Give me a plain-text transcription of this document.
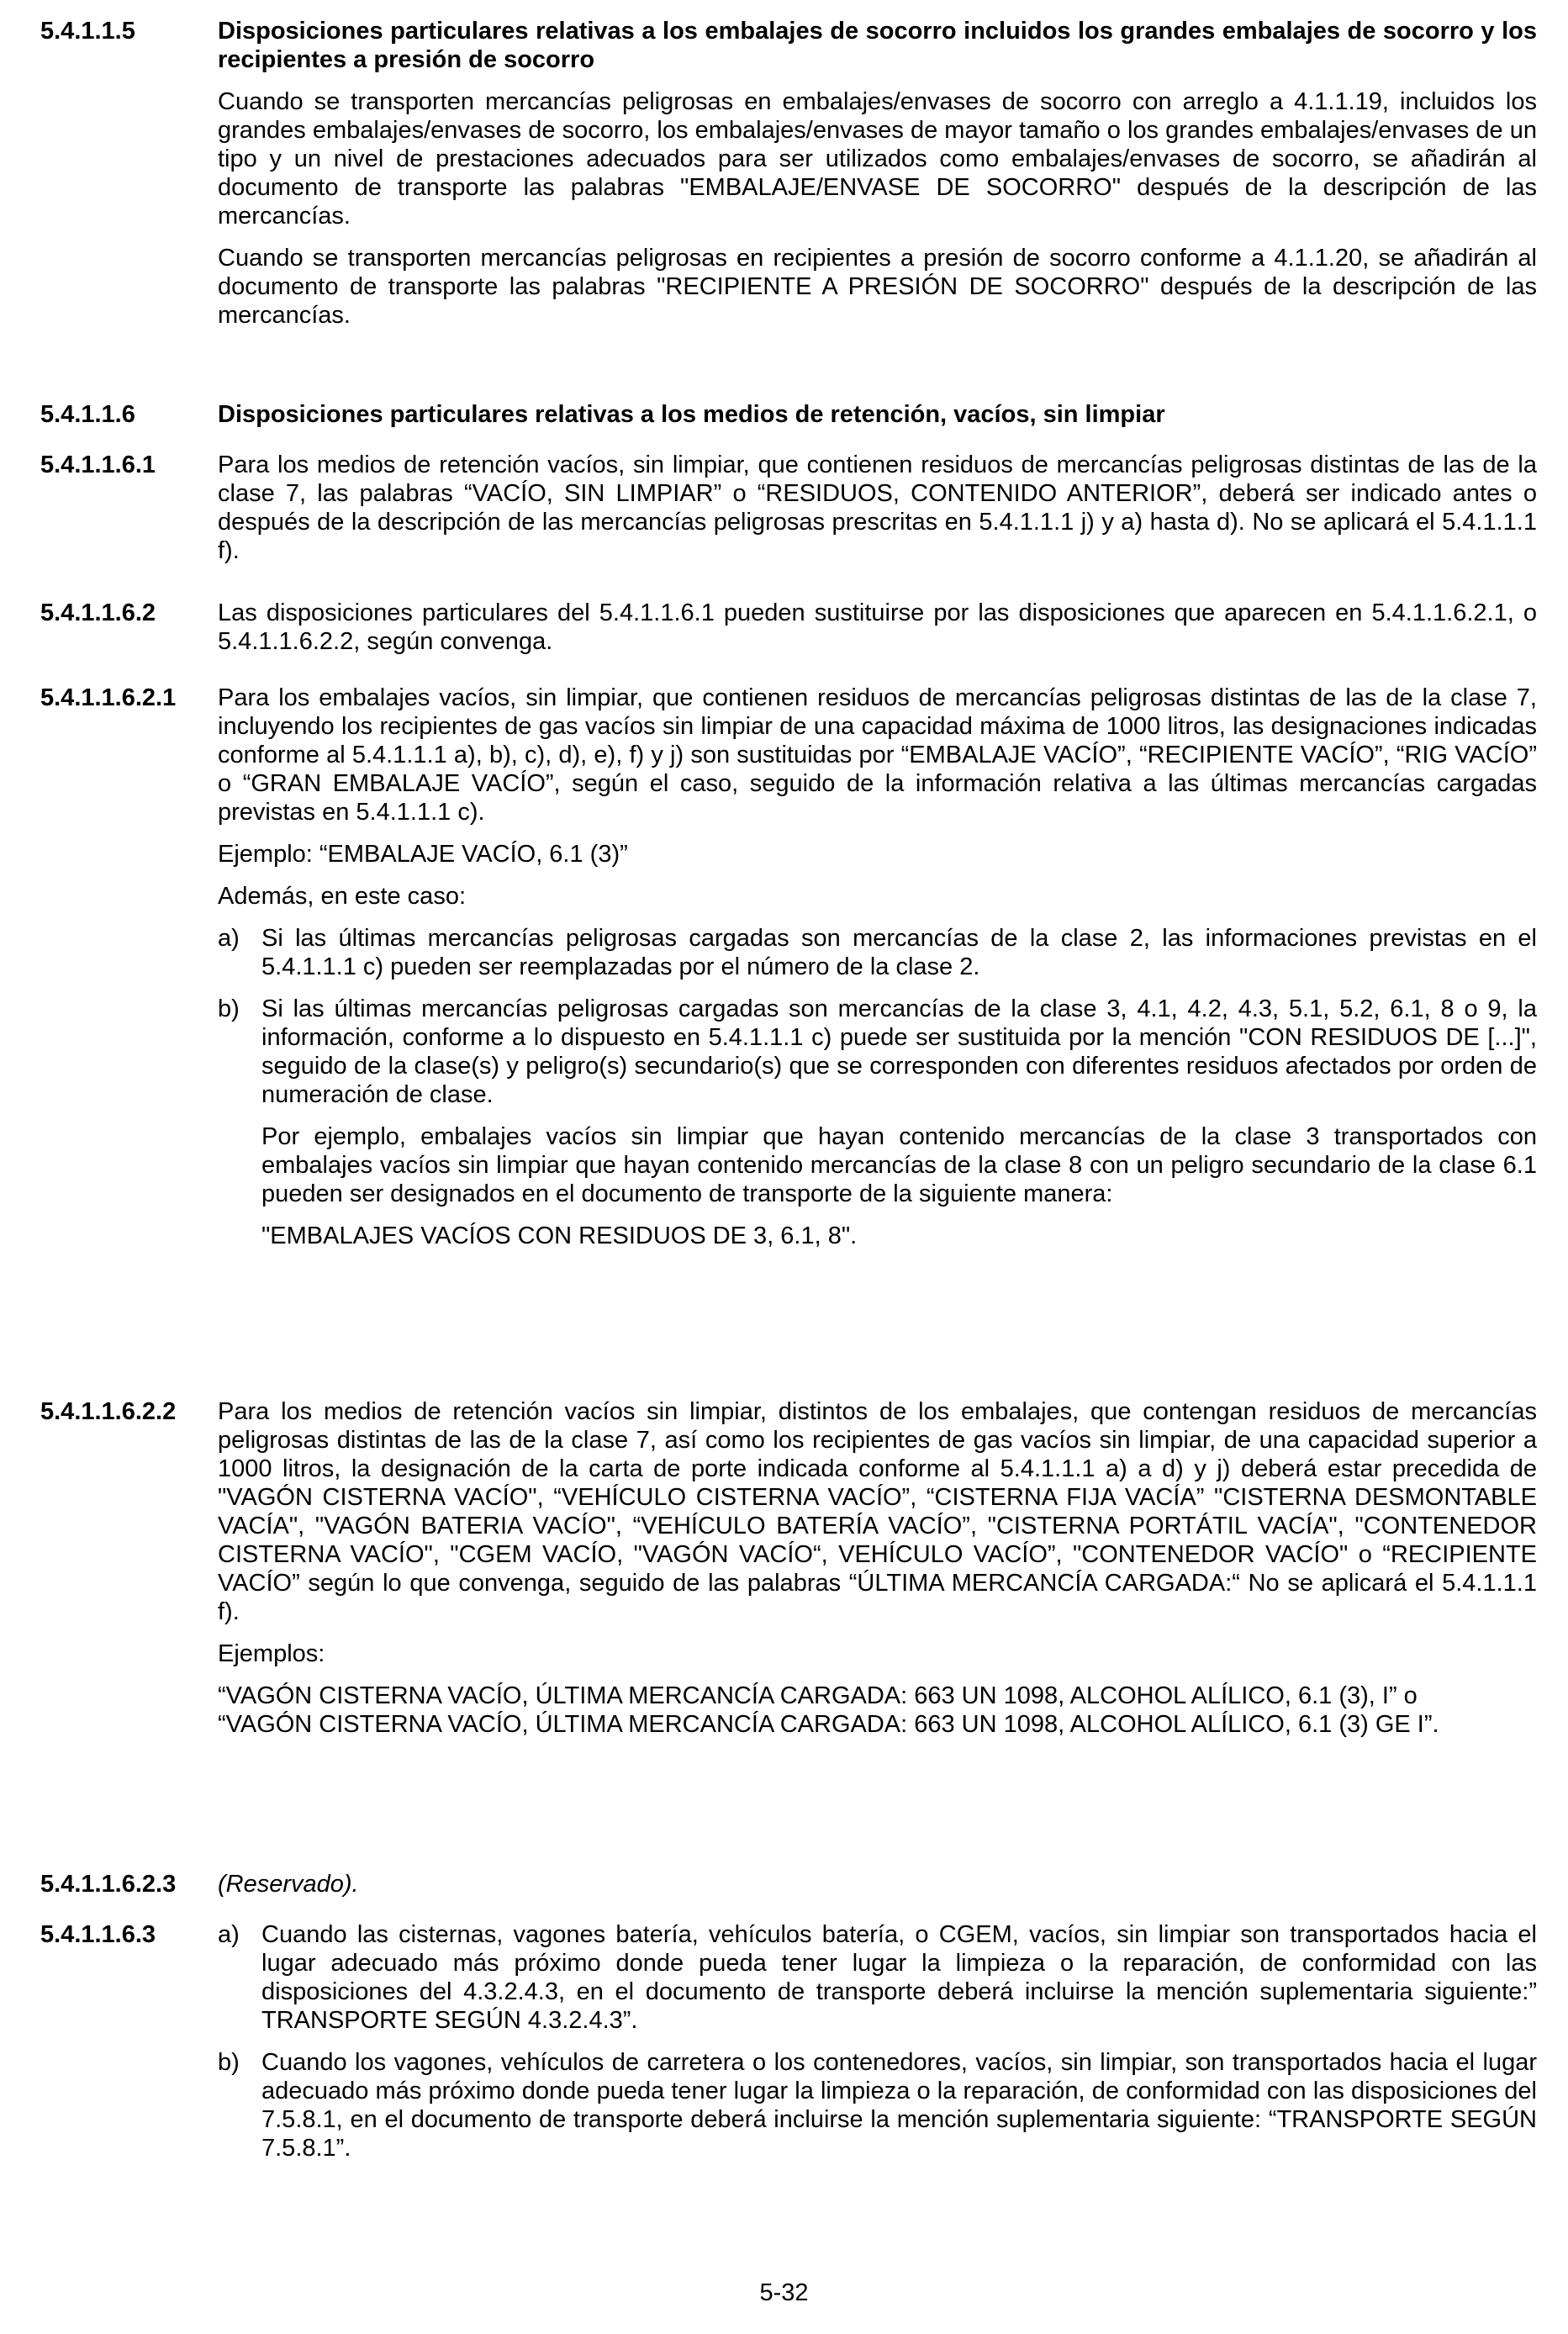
5.4.1.1.5	Disposiciones particulares relativas a los embalajes de socorro incluidos los grandes embalajes de socorro y los recipientes a presión de socorro

Cuando se transporten mercancías peligrosas en embalajes/envases de socorro con arreglo a 4.1.1.19, incluidos los grandes embalajes/envases de socorro, los embalajes/envases de mayor tamaño o los grandes embalajes/envases de un tipo y un nivel de prestaciones adecuados para ser utilizados como embalajes/envases de socorro, se añadirán al documento de transporte las palabras "EMBALAJE/ENVASE DE SOCORRO" después de la descripción de las mercancías.

Cuando se transporten mercancías peligrosas en recipientes a presión de socorro conforme a 4.1.1.20, se añadirán al documento de transporte las palabras "RECIPIENTE A PRESIÓN DE SOCORRO" después de la descripción de las mercancías.

5.4.1.1.6	Disposiciones particulares relativas a los medios de retención, vacíos, sin limpiar

5.4.1.1.6.1	Para los medios de retención vacíos, sin limpiar, que contienen residuos de mercancías peligrosas distintas de las de la clase 7, las palabras “VACÍO, SIN LIMPIAR” o “RESIDUOS, CONTENIDO ANTERIOR”, deberá ser indicado antes o después de la descripción de las mercancías peligrosas prescritas en 5.4.1.1.1 j) y a) hasta d). No se aplicará el 5.4.1.1.1 f).

5.4.1.1.6.2	Las disposiciones particulares del 5.4.1.1.6.1 pueden sustituirse por las disposiciones que aparecen en 5.4.1.1.6.2.1, o 5.4.1.1.6.2.2, según convenga.

5.4.1.1.6.2.1 Para los embalajes vacíos, sin limpiar, que contienen residuos de mercancías peligrosas distintas de las de la clase 7, incluyendo los recipientes de gas vacíos sin limpiar de una capacidad máxima de 1000 litros, las designaciones indicadas conforme al 5.4.1.1.1 a), b), c), d), e), f) y j) son sustituidas por “EMBALAJE VACÍO”, “RECIPIENTE VACÍO”, “RIG VACÍO” o “GRAN EMBALAJE VACÍO”, según el caso, seguido de la información relativa a las últimas mercancías cargadas previstas en 5.4.1.1.1 c).

Ejemplo: “EMBALAJE VACÍO, 6.1 (3)”

Además, en este caso:

a) Si las últimas mercancías peligrosas cargadas son mercancías de la clase 2, las informaciones previstas en el 5.4.1.1.1 c) pueden ser reemplazadas por el número de la clase 2.

b) Si las últimas mercancías peligrosas cargadas son mercancías de la clase 3, 4.1, 4.2, 4.3, 5.1, 5.2, 6.1, 8 o 9, la información, conforme a lo dispuesto en 5.4.1.1.1 c) puede ser sustituida por la mención "CON RESIDUOS DE [...]", seguido de la clase(s) y peligro(s) secundario(s) que se corresponden con diferentes residuos afectados por orden de numeración de clase.

Por ejemplo, embalajes vacíos sin limpiar que hayan contenido mercancías de la clase 3 transportados con embalajes vacíos sin limpiar que hayan contenido mercancías de la clase 8 con un peligro secundario de la clase 6.1 pueden ser designados en el documento de transporte de la siguiente manera:

"EMBALAJES VACÍOS CON RESIDUOS DE 3, 6.1, 8".

5.4.1.1.6.2.2 Para los medios de retención vacíos sin limpiar, distintos de los embalajes, que contengan residuos de mercancías peligrosas distintas de las de la clase 7, así como los recipientes de gas vacíos sin limpiar, de una capacidad superior a 1000 litros, la designación de la carta de porte indicada conforme al 5.4.1.1.1 a) a d) y j) deberá estar precedida de "VAGÓN CISTERNA VACÍO", “VEHÍCULO CISTERNA VACÍO”, “CISTERNA FIJA VACÍA” "CISTERNA DESMONTABLE VACÍA", "VAGÓN BATERIA VACÍO", “VEHÍCULO BATERÍA VACÍO”, "CISTERNA PORTÁTIL VACÍA", "CONTENEDOR CISTERNA VACÍO", "CGEM VACÍO, "VAGÓN VACÍO“, VEHÍCULO VACÍO”, "CONTENEDOR VACÍO" o “RECIPIENTE VACÍO” según lo que convenga, seguido de las palabras “ÚLTIMA MERCANCÍA CARGADA:“ No se aplicará el 5.4.1.1.1 f).

Ejemplos:

“VAGÓN CISTERNA VACÍO, ÚLTIMA MERCANCÍA CARGADA: 663 UN 1098, ALCOHOL ALÍLICO, 6.1 (3), I” o

“VAGÓN CISTERNA VACÍO, ÚLTIMA MERCANCÍA CARGADA: 663 UN 1098, ALCOHOL ALÍLICO, 6.1 (3) GE I”.

5.4.1.1.6.2.3 (Reservado).

5.4.1.1.6.3	a) Cuando las cisternas, vagones batería, vehículos batería, o CGEM, vacíos, sin limpiar son transportados hacia el lugar adecuado más próximo donde pueda tener lugar la limpieza o la reparación, de conformidad con las disposiciones del 4.3.2.4.3, en el documento de transporte deberá incluirse la mención suplementaria siguiente:” TRANSPORTE SEGÚN 4.3.2.4.3”.

b) Cuando los vagones, vehículos de carretera o los contenedores, vacíos, sin limpiar, son transportados hacia el lugar adecuado más próximo donde pueda tener lugar la limpieza o la reparación, de conformidad con las disposiciones del 7.5.8.1, en el documento de transporte deberá incluirse la mención suplementaria siguiente: “TRANSPORTE SEGÚN 7.5.8.1”.

5-32
